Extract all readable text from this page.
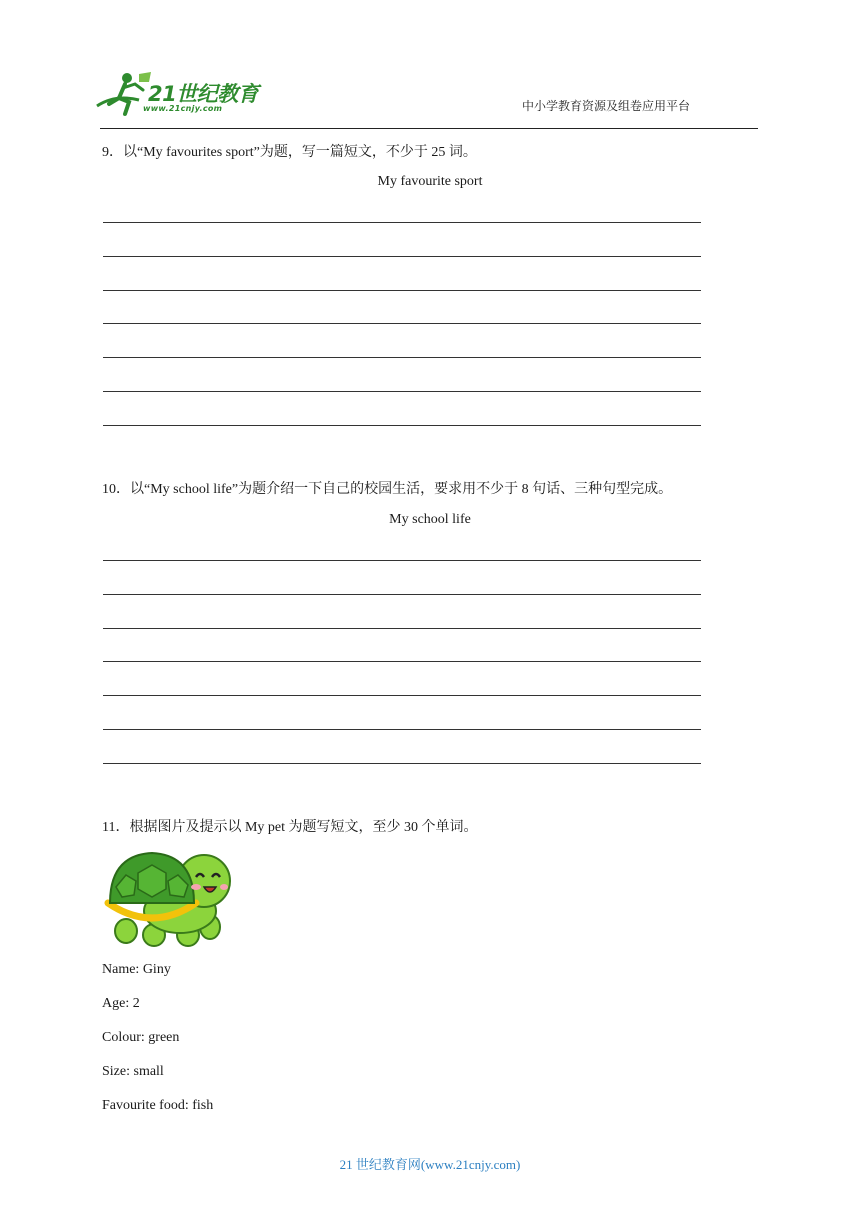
21世纪教育
www.21cnjy.com	中小学教育资源及组卷应用平台
9．以“My favourites sport”为题，写一篇短文，不少于 25 词。
My favourite sport
10．以“My school life”为题介绍一下自己的校园生活，要求用不少于 8 句话、三种句型完成。
My school life
11．根据图片及提示以 My pet 为题写短文，至少 30 个单词。
Name: Giny
Age: 2
Colour: green
Size: small
Favourite food: fish
21 世纪教育网(www.21cnjy.com)
